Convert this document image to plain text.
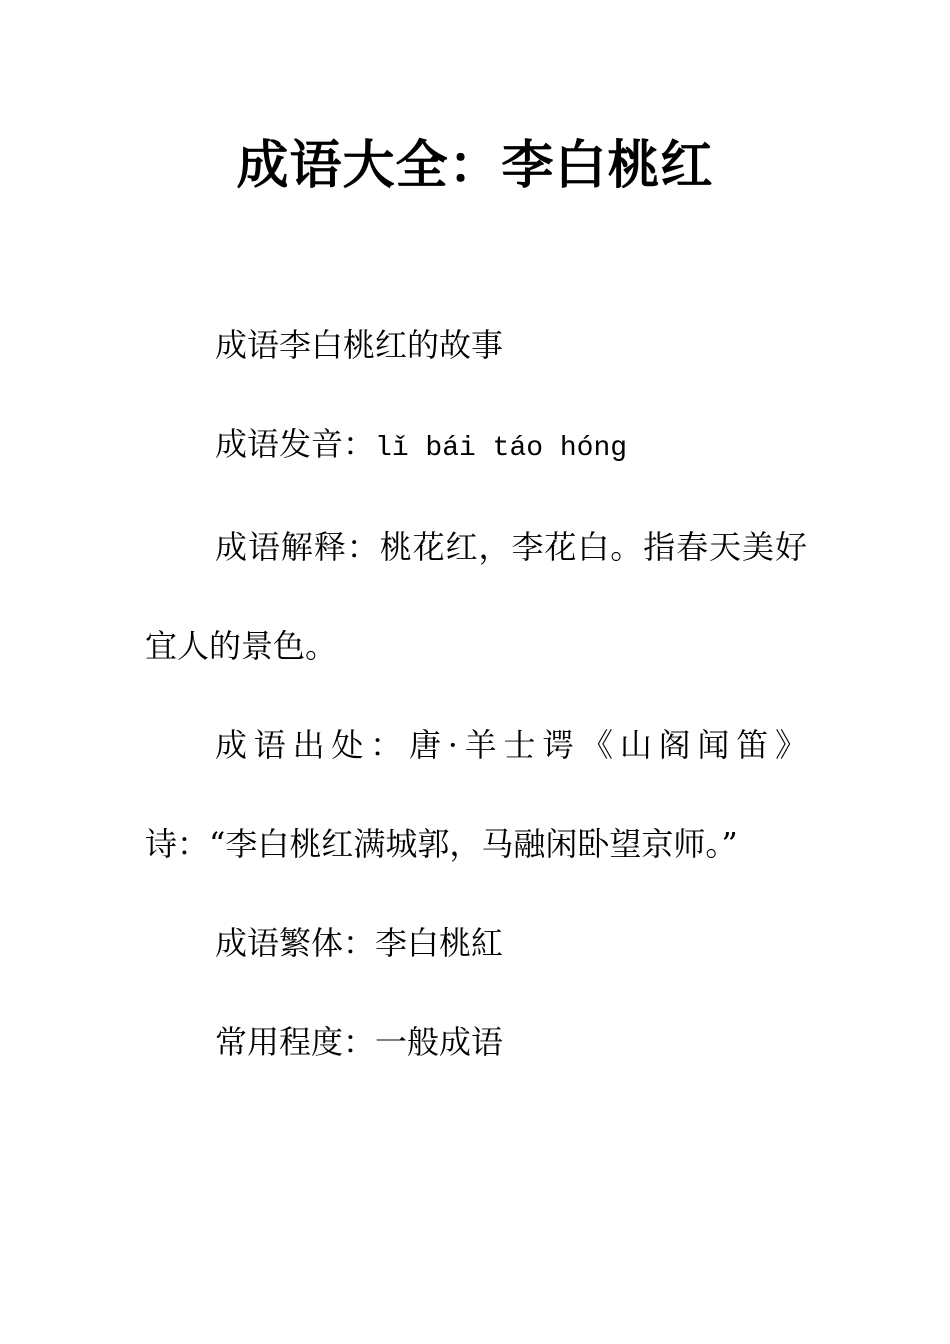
成语大全：李白桃红

成语李白桃红的故事

成语发音：lǐ bái táo hóng

成语解释：桃花红，李花白。指春天美好宜人的景色。

成语出处：唐·羊士谔《山阁闻笛》诗：“李白桃红满城郭，马融闲卧望京师。”

成语繁体：李白桃紅

常用程度：一般成语
